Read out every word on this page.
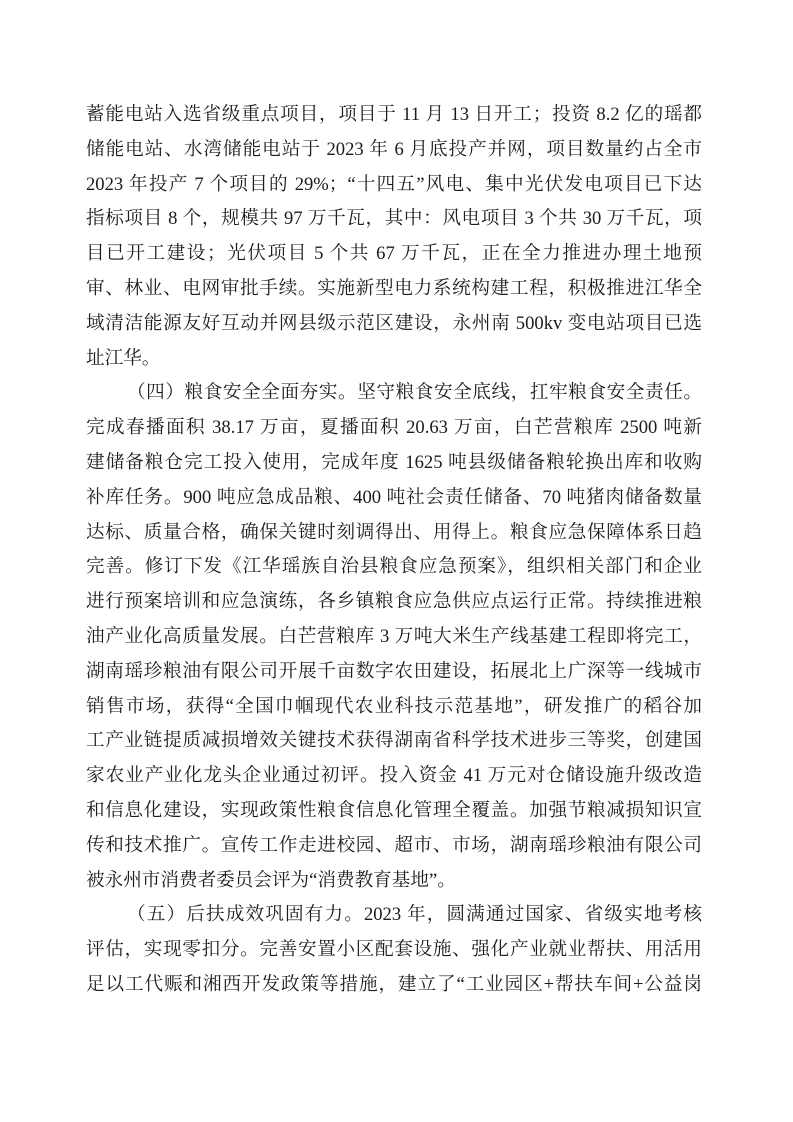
蓄能电站入选省级重点项目，项目于 11 月 13 日开工；投资 8.2 亿的瑶都
储能电站、水湾储能电站于 2023 年 6 月底投产并网，项目数量约占全市
2023 年投产 7 个项目的 29%；“十四五”风电、集中光伏发电项目已下达
指标项目 8 个，规模共 97 万千瓦，其中：风电项目 3 个共 30 万千瓦，项
目已开工建设；光伏项目 5 个共 67 万千瓦，正在全力推进办理土地预
审、林业、电网审批手续。实施新型电力系统构建工程，积极推进江华全
域清洁能源友好互动并网县级示范区建设，永州南 500kv 变电站项目已选
址江华。
（四）粮食安全全面夯实。坚守粮食安全底线，扛牢粮食安全责任。
完成春播面积 38.17 万亩，夏播面积 20.63 万亩，白芒营粮库 2500 吨新
建储备粮仓完工投入使用，完成年度 1625 吨县级储备粮轮换出库和收购
补库任务。900 吨应急成品粮、400 吨社会责任储备、70 吨猪肉储备数量
达标、质量合格，确保关键时刻调得出、用得上。粮食应急保障体系日趋
完善。修订下发《江华瑶族自治县粮食应急预案》，组织相关部门和企业
进行预案培训和应急演练，各乡镇粮食应急供应点运行正常。持续推进粮
油产业化高质量发展。白芒营粮库 3 万吨大米生产线基建工程即将完工，
湖南瑶珍粮油有限公司开展千亩数字农田建设，拓展北上广深等一线城市
销售市场，获得“全国巾帼现代农业科技示范基地”，研发推广的稻谷加
工产业链提质减损增效关键技术获得湖南省科学技术进步三等奖，创建国
家农业产业化龙头企业通过初评。投入资金 41 万元对仓储设施升级改造
和信息化建设，实现政策性粮食信息化管理全覆盖。加强节粮减损知识宣
传和技术推广。宣传工作走进校园、超市、市场，湖南瑶珍粮油有限公司
被永州市消费者委员会评为“消费教育基地”。
（五）后扶成效巩固有力。2023 年，圆满通过国家、省级实地考核
评估，实现零扣分。完善安置小区配套设施、强化产业就业帮扶、用活用
足以工代赈和湘西开发政策等措施，建立了“工业园区+帮扶车间+公益岗
